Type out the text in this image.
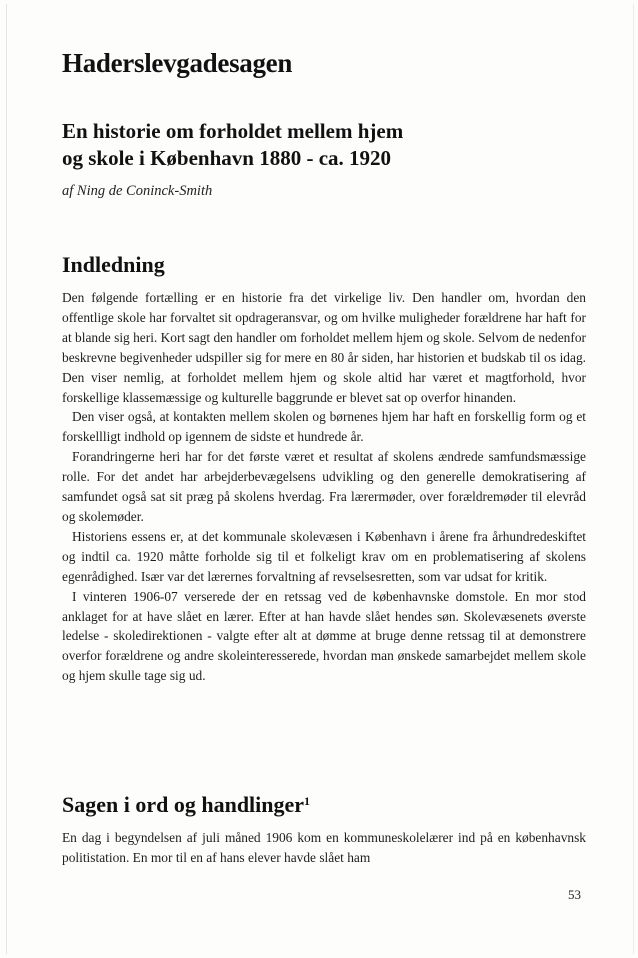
Haderslevgadesagen
En historie om forholdet mellem hjem
og skole i København 1880 - ca. 1920
af Ning de Coninck-Smith
Indledning

Den følgende fortælling er en historie fra det virkelige liv. Den handler om, hvordan den offentlige skole har forvaltet sit opdrageransvar, og om hvilke muligheder forældrene har haft for at blande sig heri. Kort sagt den handler om forholdet mellem hjem og skole. Selvom de nedenfor beskrevne begivenheder udspiller sig for mere en 80 år siden, har historien et budskab til os idag. Den viser nemlig, at forholdet mellem hjem og skole altid har været et magtforhold, hvor forskellige klassemæssige og kulturelle baggrunde er blevet sat op overfor hinanden.

Den viser også, at kontakten mellem skolen og børnenes hjem har haft en forskellig form og et forskellligt indhold op igennem de sidste et hundrede år.

Forandringerne heri har for det første været et resultat af skolens ændrede samfundsmæssige rolle. For det andet har arbejderbevægelsens udvikling og den generelle demokratisering af samfundet også sat sit præg på skolens hverdag. Fra lærermøder, over forældremøder til elevråd og skolemøder.

Historiens essens er, at det kommunale skolevæsen i København i årene fra århundredeskiftet og indtil ca. 1920 måtte forholde sig til et folkeligt krav om en problematisering af skolens egenrådighed. Især var det lærernes forvaltning af revselsesretten, som var udsat for kritik.

I vinteren 1906-07 verserede der en retssag ved de københavnske domstole. En mor stod anklaget for at have slået en lærer. Efter at han havde slået hendes søn. Skolevæsenets øverste ledelse - skoledirektionen - valgte efter alt at dømme at bruge denne retssag til at demonstrere overfor forældrene og andre skoleinteresserede, hvordan man ønskede samarbejdet mellem skole og hjem skulle tage sig ud.

Sagen i ord og handlinger$^1$

En dag i begyndelsen af juli måned 1906 kom en kommuneskolelærer ind på en københavnsk politistation. En mor til en af hans elever havde slået ham

53
